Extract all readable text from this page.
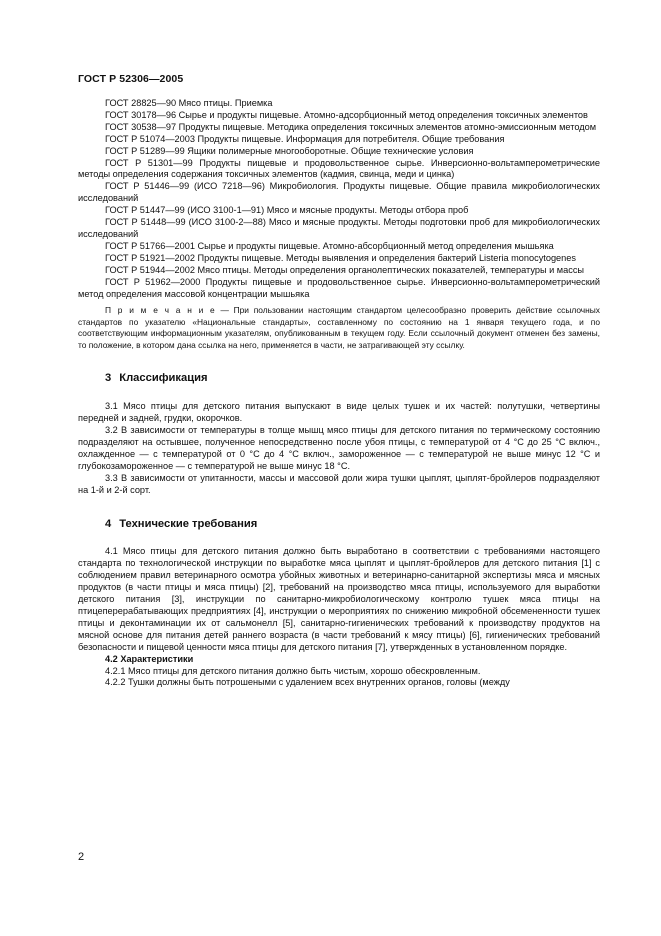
ГОСТ Р 52306—2005

ГОСТ 28825—90 Мясо птицы. Приемка

ГОСТ 30178—96 Сырье и продукты пищевые. Атомно-адсорбционный метод определения токсичных элементов

ГОСТ 30538—97 Продукты пищевые. Методика определения токсичных элементов атомно-эмиссионным методом

ГОСТ Р 51074—2003 Продукты пищевые. Информация для потребителя. Общие требования

ГОСТ Р 51289—99 Ящики полимерные многооборотные. Общие технические условия

ГОСТ Р 51301—99 Продукты пищевые и продовольственное сырье. Инверсионно-вольтамперометрические методы определения содержания токсичных элементов (кадмия, свинца, меди и цинка)

ГОСТ Р 51446—99 (ИСО 7218—96) Микробиология. Продукты пищевые. Общие правила микробиологических исследований

ГОСТ Р 51447—99 (ИСО 3100-1—91) Мясо и мясные продукты. Методы отбора проб

ГОСТ Р 51448—99 (ИСО 3100-2—88) Мясо и мясные продукты. Методы подготовки проб для микробиологических исследований

ГОСТ Р 51766—2001 Сырье и продукты пищевые. Атомно-абсорбционный метод определения мышьяка

ГОСТ Р 51921—2002 Продукты пищевые. Методы выявления и определения бактерий Listeria monocytogenes

ГОСТ Р 51944—2002 Мясо птицы. Методы определения органолептических показателей, температуры и массы

ГОСТ Р 51962—2000 Продукты пищевые и продовольственное сырье. Инверсионно-вольтамперометрический метод определения массовой концентрации мышьяка

П р и м е ч а н и е — При пользовании настоящим стандартом целесообразно проверить действие ссылочных стандартов по указателю «Национальные стандарты», составленному по состоянию на 1 января текущего года, и по соответствующим информационным указателям, опубликованным в текущем году. Если ссылочный документ отменен без замены, то положение, в котором дана ссылка на него, применяется в части, не затрагивающей эту ссылку.

3 Классификация

3.1 Мясо птицы для детского питания выпускают в виде целых тушек и их частей: полутушки, четвертины передней и задней, грудки, окорочков.

3.2 В зависимости от температуры в толще мышц мясо птицы для детского питания по термическому состоянию подразделяют на остывшее, полученное непосредственно после убоя птицы, с температурой от 4 °С до 25 °С включ., охлажденное — с температурой от 0 °С до 4 °С включ., замороженное — с температурой не выше минус 12 °С и глубокозамороженное — с температурой не выше минус 18 °С.

3.3 В зависимости от упитанности, массы и массовой доли жира тушки цыплят, цыплят-бройлеров подразделяют на 1-й и 2-й сорт.

4 Технические требования

4.1 Мясо птицы для детского питания должно быть выработано в соответствии с требованиями настоящего стандарта по технологической инструкции по выработке мяса цыплят и цыплят-бройлеров для детского питания [1] с соблюдением правил ветеринарного осмотра убойных животных и ветеринарно-санитарной экспертизы мяса и мясных продуктов (в части птицы и мяса птицы) [2], требований на производство мяса птицы, используемого для выработки детского питания [3], инструкции по санитарно-микробиологическому контролю тушек мяса птицы на птицеперерабатывающих предприятиях [4], инструкции о мероприятиях по снижению микробной обсемененности тушек птицы и деконтаминации их от сальмонелл [5], санитарно-гигиенических требований к производству продуктов на мясной основе для питания детей раннего возраста (в части требований к мясу птицы) [6], гигиенических требований безопасности и пищевой ценности мяса птицы для детского питания [7], утвержденных в установленном порядке.

4.2 Характеристики

4.2.1 Мясо птицы для детского питания должно быть чистым, хорошо обескровленным.

4.2.2 Тушки должны быть потрошеными с удалением всех внутренних органов, головы (между

2
